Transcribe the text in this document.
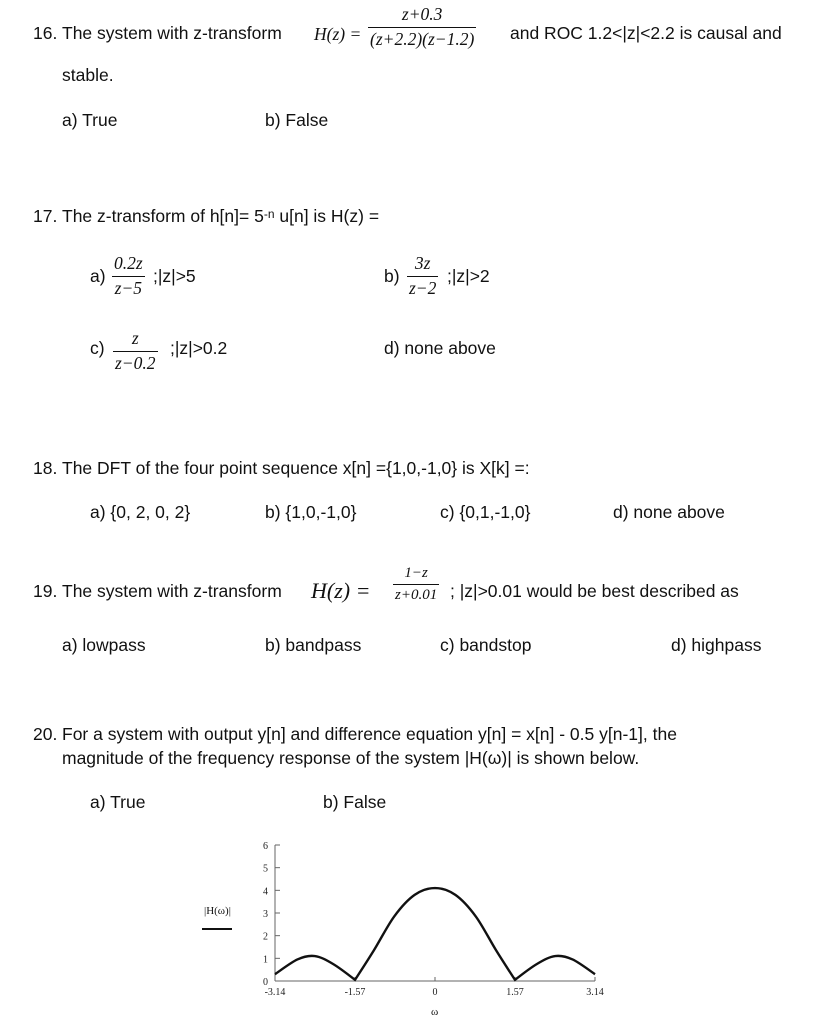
16. The system with z-transform H(z) =
z+0.3
(z+2.2)(z−1.2) and ROC 1.2<|z|<2.2 is causal and
stable.
a) True	b) False
17. The z-transform of $h[n]= 5^{-n}$ u[n] is H(z) =
a)
0.2z
z−5
;|z|>5	b)
3z
z−2
;|z|>2
c)	z
z−0.2
;|z|>0.2	d) none above
18. The DFT of the four point sequence x[n] ={1,0,-1,0} is X[k] =:
a) {0, 2, 0, 2}	b) {1,0,-1,0}	c) {0,1,-1,0}	d) none above
19. The system with z-transform H(z) =
1−z
z+0.01 ; |z|>0.01 would be best described as
a) lowpass	b) bandpass	c) bandstop	d) highpass
20. For a system with output y[n] and difference equation y[n] = x[n] - 0.5 y[n-1], the
magnitude of the frequency response of the system |H(ω)| is shown below.
a) True	b) False
0
1
2
3
4
5
6
-3.14	-1.57	0	1.57	3.14
|H(ω)|
ω
